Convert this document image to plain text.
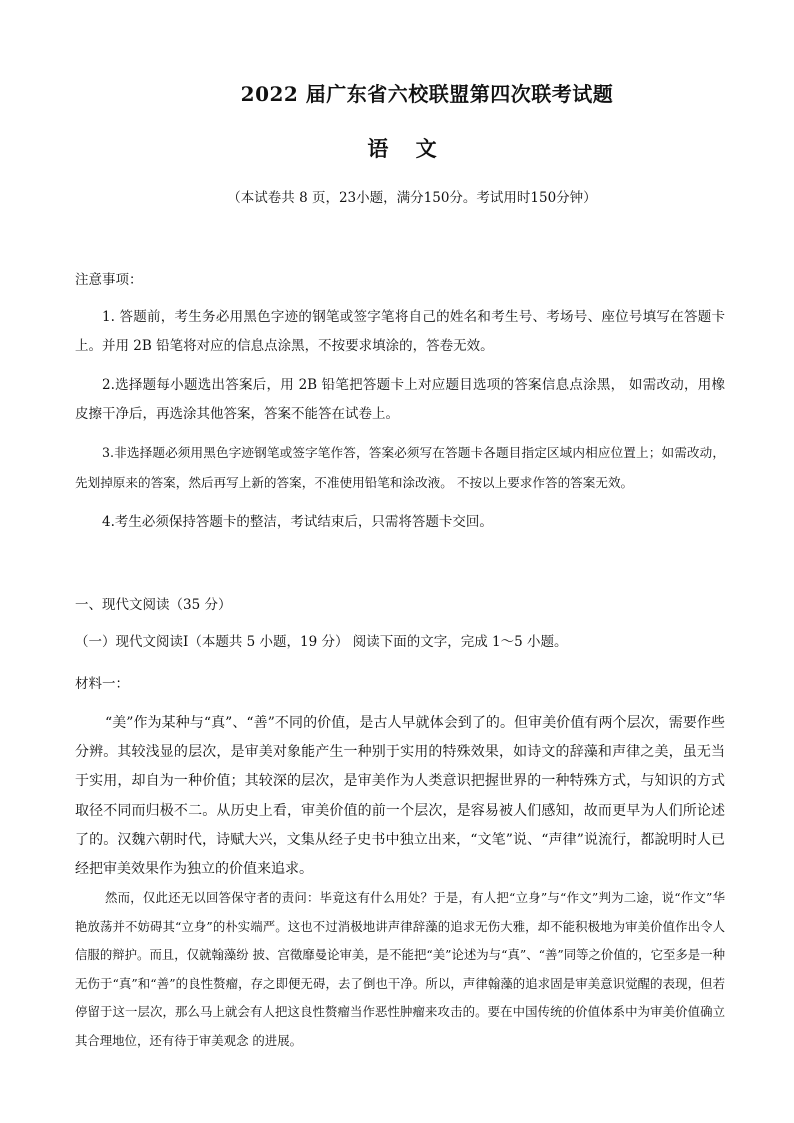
2022 届广东省六校联盟第四次联考试题
语 文
（本试卷共 8 页，23小题，满分150分。考试用时150分钟）
注意事项：
1. 答题前，考生务必用黑色字迹的钢笔或签字笔将自己的姓名和考生号、考场号、座位号填写在答题卡上。并用 2B 铅笔将对应的信息点涂黑，不按要求填涂的，答卷无效。
2.选择题每小题选出答案后，用 2B 铅笔把答题卡上对应题目选项的答案信息点涂黑， 如需改动，用橡皮擦干净后，再选涂其他答案，答案不能答在试卷上。
3.非选择题必须用黑色字迹钢笔或签字笔作答，答案必须写在答题卡各题目指定区域内相应位置上；如需改动，先划掉原来的答案，然后再写上新的答案，不准使用铅笔和涂改液。 不按以上要求作答的答案无效。
4.考生必须保持答题卡的整洁，考试结束后，只需将答题卡交回。
一、现代文阅读（35 分）
（一）现代文阅读Ⅰ（本题共 5 小题，19 分） 阅读下面的文字，完成 1～5 小题。
材料一：
“美”作为某种与“真”、“善”不同的价值，是古人早就体会到了的。但审美价值有两个层次，需要作些分辨。其较浅显的层次，是审美对象能产生一种别于实用的特殊效果，如诗文的辞藻和声律之美，虽无当于实用，却自为一种价值；其较深的层次，是审美作为人类意识把握世界的一种特殊方式，与知识的方式取径不同而归极不二。从历史上看，审美价值的前一个层次，是容易被人们感知，故而更早为人们所论述了的。汉魏六朝时代，诗赋大兴，文集从经子史书中独立出来，“文笔”说、“声律”说流行，都說明时人已经把审美效果作为独立的价值来追求。
然而，仅此还无以回答保守者的责问：毕竟这有什么用处？于是，有人把“立身”与“作文”判为二途，说“作文”华艳放荡并不妨碍其“立身”的朴实端严。这也不过消极地讲声律辞藻的追求无伤大雅，却不能积极地为审美价值作出令人信服的辩护。而且，仅就翰藻纷 披、宫徵靡曼论审美，是不能把“美”论述为与“真”、“善”同等之价值的，它至多是一种无伤于“真”和“善”的良性赘瘤，存之即便无碍，去了倒也干净。所以，声律翰藻的追求固是审美意识觉醒的表现，但若停留于这一层次，那么马上就会有人把这良性赘瘤当作恶性肿瘤来攻击的。要在中国传统的价值体系中为审美价值确立其合理地位，还有待于审美观念 的进展。
